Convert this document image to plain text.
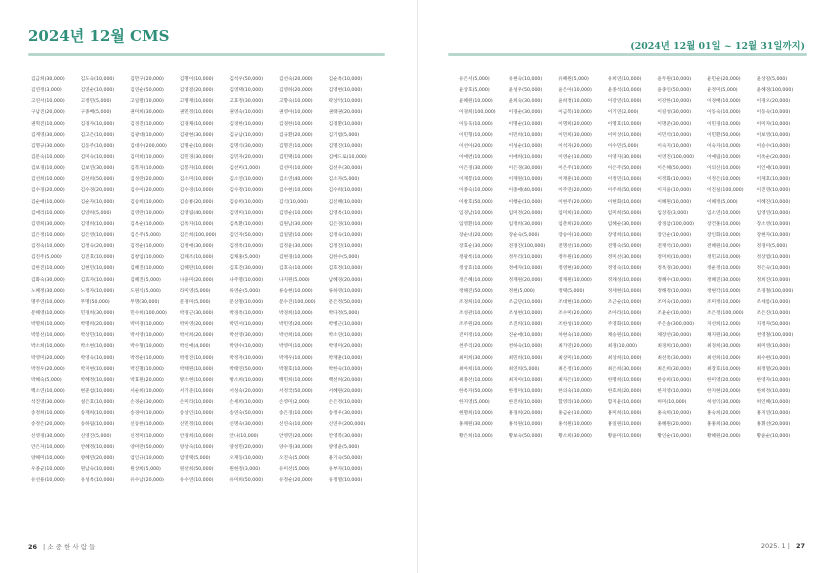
2024년 12월 CMS
김금희(30,000)	김도숙(10,000)	김만구(20,000)	김명이(10,000)	김석우(50,000)	김선숙(20,000)	김순옥(10,000)
김연정(3,000)	김연순(10,000)	김연순(50,000)	김영걸(20,000)	김영택(10,000)	김영하(20,000)	김영현(10,000)
고연서(10,000)	고정민(5,000)	고일렬(10,000)	고명재(10,000)	고효정(30,000)	고향숙(10,000)	곽상억(10,000)
구남진(20,000)	구종배(5,000)	권미희(30,000)	권민정(10,000)	권영숙(10,000)	권영아(10,000)	권태권(20,000)
권혁진(10,000)	김경자(10,000)	김경진(10,000)	김경채(10,000)	김경한(10,000)	김경한(10,000)	김경환(10,000)
김계영(30,000)	김고은(10,000)	김광대(10,000)	김광현(30,000)	김규남(10,000)	김규환(20,000)	김기범(5,000)
김명규(30,000)	김동주(10,000)	김대수(200,000)	김명순(10,000)	김명식(30,000)	김명진(10,000)	김명진(10,000)
김문숙(10,000)	김미숙(10,000)	김미희(10,000)	김민경(30,000)	김민자(20,000)	김민택(10,000)	김베드로(10,000)
김보경(10,000)	김보연(30,000)	김복자(10,000)	김봉자(10,000)	김선미(1,000)	김선미(10,000)	김선우(30,000)
김선희(10,000)	김선희(50,000)	김성란(20,000)	김소미(10,000)	김소연(10,000)	김소연(40,000)	김소자(5,000)
김수경(20,000)	김수경(20,000)	김수이(20,000)	김수경(10,000)	김수정(10,000)	김수현(10,000)	김수희(10,000)
김순애(10,000)	김순자(10,000)	김승희(10,000)	김승룡(20,000)	김승희(10,000)	김식(10,000)	김신혜(10,000)
김애리(10,000)	김양희(5,000)	김영란(10,000)	김영림(40,000)	김영미(10,000)	김영순(10,000)	김영옥(10,000)
김영희(30,000)	김영희(10,000)	김옥순(10,000)	김옥자(10,000)	김옥환(10,000)	김원남(30,000)	김은경(10,000)
김은정(10,000)	김은영(10,000)	김은주(5,000)	김은희(100,000)	김인자(50,000)	김일말(10,000)	김정숙(10,000)
김정숙(10,000)	김정숙(20,000)	김정순(10,000)	김정애(30,000)	김정옥(10,000)	김정윤(30,000)	김정진(10,000)
김진주(5,000)	김진호(10,000)	김창임(10,000)	김채조(10,000)	김채홍(5,000)	김현경(10,000)	김한수(5,000)
김한진(10,000)	김현민(10,000)	김혜진(10,000)	김혜란(10,000)	김호진(30,000)	김호숙(10,000)	김호정(10,000)
김화숙(30,000)	김효자(10,000)	김혜진(5,000)	나윤미(20,000)	나주열(10,000)	나지원(5,000)	남혜경(20,000)
노혜정(30,000)	노정자(10,000)	도원식(5,000)	라미영(5,000)	류영순(5,000)	류승현(10,000)	류하영(10,000)
명주연(10,000)	무명(50,000)	무명(30,000)	문경미(5,000)	문상철(10,000)	문수진(100,000)	문은정(50,000)
문해영(10,000)	민경희(30,000)	민수희(100,000)	박경근(30,000)	박경옥(10,000)	박경희(10,000)	박다정(5,000)
박명희(10,000)	박명희(20,000)	박미경(10,000)	박미영(20,000)	박민서(10,000)	박민영(20,000)	박병근(10,000)
박봉선(10,000)	박상민(10,000)	박서영(10,000)	박서희(20,000)	박선영(30,000)	박선희(10,000)	박소연(10,000)
박소희(10,000)	박소현(10,000)	박수형(10,000)	박신애(4,000)	박양수(10,000)	박영미(10,000)	박영미(20,000)
박영미(20,000)	박영숙(10,000)	박정순(10,000)	박정진(10,000)	박정자(10,000)	박재우(10,000)	박재훈(10,000)
박정우(20,000)	박지현(10,000)	박진철(10,000)	박태원(10,000)	박태연(50,000)	박철호(10,000)	박한숙(10,000)
박혜숙(5,000)	박혜정(10,000)	박효원(20,000)	방소현(10,000)	방소희(10,000)	백민희(10,000)	백선희(20,000)
백소연(10,000)	변준섭(10,000)	서순희(10,000)	서기준(10,000)	서성숙(20,000)	서정국(50,000)	서혜원(20,000)
석진영(30,000)	설은호(10,000)	손경순(30,000)	손미라(10,000)	손세희(10,000)	손영미(2,000)	손은정(10,000)
송정희(10,000)	송재희(10,000)	송경아(10,000)	송상인(10,000)	송연숙(50,000)	송은경(10,000)	송정우(30,000)
송정은(20,000)	송하림(10,000)	신동한(10,000)	신민정(10,000)	신명숙(30,000)	신연숙(10,000)	신연우(200,000)
신영경(30,000)	신영진(5,000)	신정미(10,000)	안경희(10,000)	안나(10,000)	안영민(20,000)	안영복(30,000)
안은자(10,000)	안혜정(10,000)	양미란(50,000)	양상숙(10,000)	양성민(20,000)	양수경(30,000)	양영윤(5,000)
양해미(10,000)	양혜연(20,000)	엄인규(10,000)	엄영택(5,000)	오재동(10,000)	오진숙(5,000)	용기숙(50,000)
우종균(10,000)	원남숙(10,000)	원상희(5,000)	원선희(50,000)	원현정(3,000)	유미선(5,000)	유부자(10,000)
유선용(10,000)	유성옥(10,000)	유수남(20,000)	유수연(10,000)	유미희(50,000)	유정순(20,000)	유정열(10,000)
26 | 소 중 한 사 람 들
(2024년 12월 01일 ~ 12월 31일까지)
유은서(5,000)	유현숙(10,000)	유혜원(5,000)	유희연(10,000)	윤두원(10,000)	윤민순(20,000)	윤상길(5,000)
윤상호(5,000)	윤성우(50,000)	윤은아(10,000)	윤종석(10,000)	윤종인(50,000)	윤정미(5,000)	윤혜경(100,000)
윤혜원(10,000)	윤희숙(30,000)	윤희정(10,000)	이강연(10,000)	이강한(10,000)	이경배(10,000)	이경오(20,000)
이경희(100,000)	이경순(30,000)	이금복(10,000)	이기연(2,000)	이길성(30,000)	이동숙(10,000)	이동숙(10,000)
이동욱(10,000)	이명순(10,000)	이명희(20,000)	이명호(10,000)	이명준(30,000)	이민경(10,000)	이미자(10,000)
이민형(10,000)	이민희(10,000)	이민희(30,000)	이미상(10,000)	이민석(10,000)	이민환(50,000)	이보영(10,000)
이선아(20,000)	이성순(10,000)	이석자(20,000)	이수민(5,000)	이숙지(10,000)	이숙자(10,000)	이승수(10,000)
이애련(10,000)	이애희(10,000)	이영순(10,000)	이영자(30,000)	이영진(100,000)	이예림(10,000)	이옥순(20,000)
이은경(30,000)	이은경(30,000)	이은주(10,000)	이은주(50,000)	이은혜(50,000)	이의신(10,000)	이인애(10,000)
이재봉(10,000)	이재원(10,000)	이재훈(10,000)	이정민(10,000)	이정화(10,000)	이정은(10,000)	이제호(10,000)
이종숙(10,000)	이종애(40,000)	이주연(20,000)	이주희(50,000)	이지윤(10,000)	이진실(100,000)	이진영(10,000)
이창호(50,000)	이행순(10,000)	이현주(20,000)	이현화(10,000)	이혜원(10,000)	이혜정(5,000)	이혜진(10,000)
임경남(10,000)	임미정(20,000)	임미희(10,000)	임미희(50,000)	임상길(3,000)	임소연(10,000)	임영연(10,000)
임영환(10,000)	임정희(30,000)	임춘희(20,000)	임혜순(30,000)	장경삼(100,000)	장건홍(10,000)	장소영(10,000)
장순녀(20,000)	장순숙(5,000)	장승아(10,000)	장영희(10,000)	장인순(10,000)	장인화(10,000)	장현자(10,000)
장효순(30,000)	전경진(100,000)	전명선(10,000)	전명숙(50,000)	전재석(10,000)	전혜원(10,000)	정경미(5,000)
정광록(10,000)	정두리(10,000)	정두원(10,000)	정미선(30,000)	정미희(10,000)	정민교(10,000)	정상엽(10,000)
정상효(10,000)	정애자(10,000)	정영현(30,000)	정영숙(10,000)	정옥경(30,000)	정운정(10,000)	정은숙(10,000)
정은혜(10,000)	정재원(20,000)	정재원(10,000)	정채성(10,000)	정혜수(10,000)	정혜진(30,000)	정희진(10,000)
정해진(50,000)	정현(5,000)	정택(5,000)	정세현(10,000)	정해정(10,000)	정현각(10,000)	조경철(100,000)
조경희(10,000)	조금단(10,000)	조대현(10,000)	조근순(10,000)	조미숙(10,000)	조미정(10,000)	조세롬(10,000)
조성관(10,000)	조성현(10,000)	조수미(20,000)	조아라(10,000)	조윤순(10,000)	조은정(100,000)	조은진(10,000)
조주원(20,000)	조진희(10,000)	조한성(10,000)	주영화(10,000)	주은솔(300,000)	지선희(12,000)	지정자(50,000)
진미정(10,000)	진순애(10,000)	차현숙(10,000)	채승원(10,000)	채장선(30,000)	채지원(30,000)	천영철(100,000)
천주리(20,000)	천하숙(10,000)	최가연(20,000)	최경(10,000)	최경희(10,000)	최경희(30,000)	최미영(10,000)
최미희(30,000)	최민희(10,000)	최상미(10,000)	최상희(10,000)	최선옥(30,000)	최선희(10,000)	최수현(10,000)
최아희(10,000)	최연희(5,000)	최은정(10,000)	최은희(30,000)	최은희(30,000)	최장호(10,000)	최정열(20,000)
최종선(10,000)	최지아(10,000)	최자은(10,000)	한명희(10,000)	한승희(10,000)	한미영(20,000)	한영자(10,000)
한옥자(50,000)	한정미(10,000)	한의숙(10,000)	한호희(20,000)	한지영(10,000)	한지현(20,000)	한희정(10,000)
한지영(5,000)	한진희(10,000)	함영라(10,000)	함지윤(10,000)	허미(10,000)	허성익(30,000)	허인혜(10,000)
현명희(10,000)	홍경희(20,000)	홍금순(10,000)	홍미희(10,000)	홍숙희(10,000)	홍숙희(20,000)	홍지연(10,000)
홍채원(30,000)	홍석원(10,000)	홍석원(10,000)	홍일원(10,000)	홍혜원(20,000)	홍홍희(30,000)	홍휘선(20,000)
황은희(10,000)	황보숙(50,000)	황소희(30,000)	황윤미(10,000)	황인순(10,000)	황혜원(20,000)	황윤순(10,000)
2025. 1 | 27
